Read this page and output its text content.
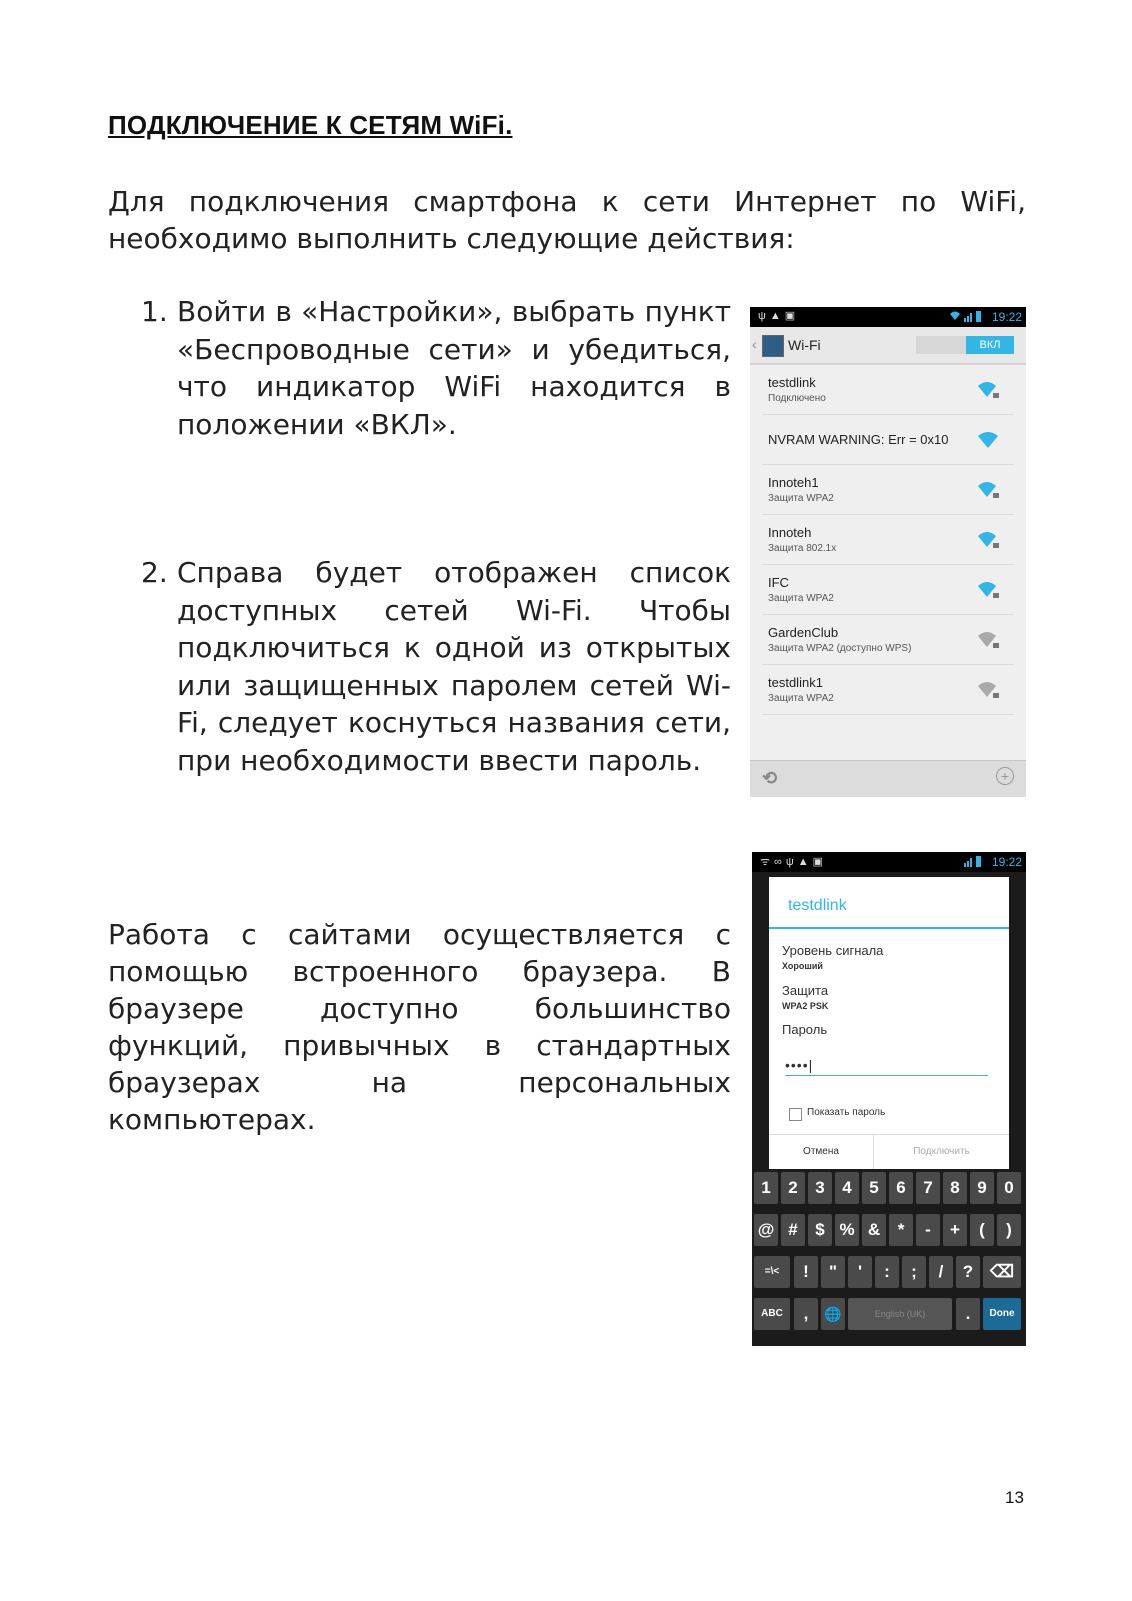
ПОДКЛЮЧЕНИЕ К СЕТЯМ WiFi.
Для подключения смартфона к сети Интернет по WiFi, необходимо выполнить следующие действия:
1. Войти в «Настройки», выбрать пункт «Беспроводные сети» и убедиться, что индикатор WiFi находится в положении «ВКЛ».
2. Справа будет отображен список доступных сетей Wi-Fi. Чтобы подключиться к одной из открытых или защищенных паролем сетей Wi-Fi, следует коснуться названия сети, при необходимости ввести пароль.
Работа с сайтами осуществляется с помощью встроенного браузера. В браузере доступно большинство функций, привычных в стандартных браузерах на персональных компьютерах.
ψ▲▣	19:22
‹ Wi-Fi	ВКЛ
testdlink
Подключено
NVRAM WARNING: Err = 0x10
Innoteh1
Защита WPA2
Innoteh
Защита 802.1x
IFC
Защита WPA2
GardenClub
Защита WPA2 (доступно WPS)
testdlink1
Защита WPA2
⟲	+
ᯤ∞ψ▲▣	19:22
testdlink
Уровень сигнала
Хороший
Защита
WPA2 PSK
Пароль
••••|
Показать пароль
Отмена	Подключить
1	2	3	4	5	6	7	8	9	0
@ #	$ % &	*	-	+	(	)
=\<	!	"	'	:	;	/	? ⌫
ABC	,	🌐	English (UK)	.	Done
13
